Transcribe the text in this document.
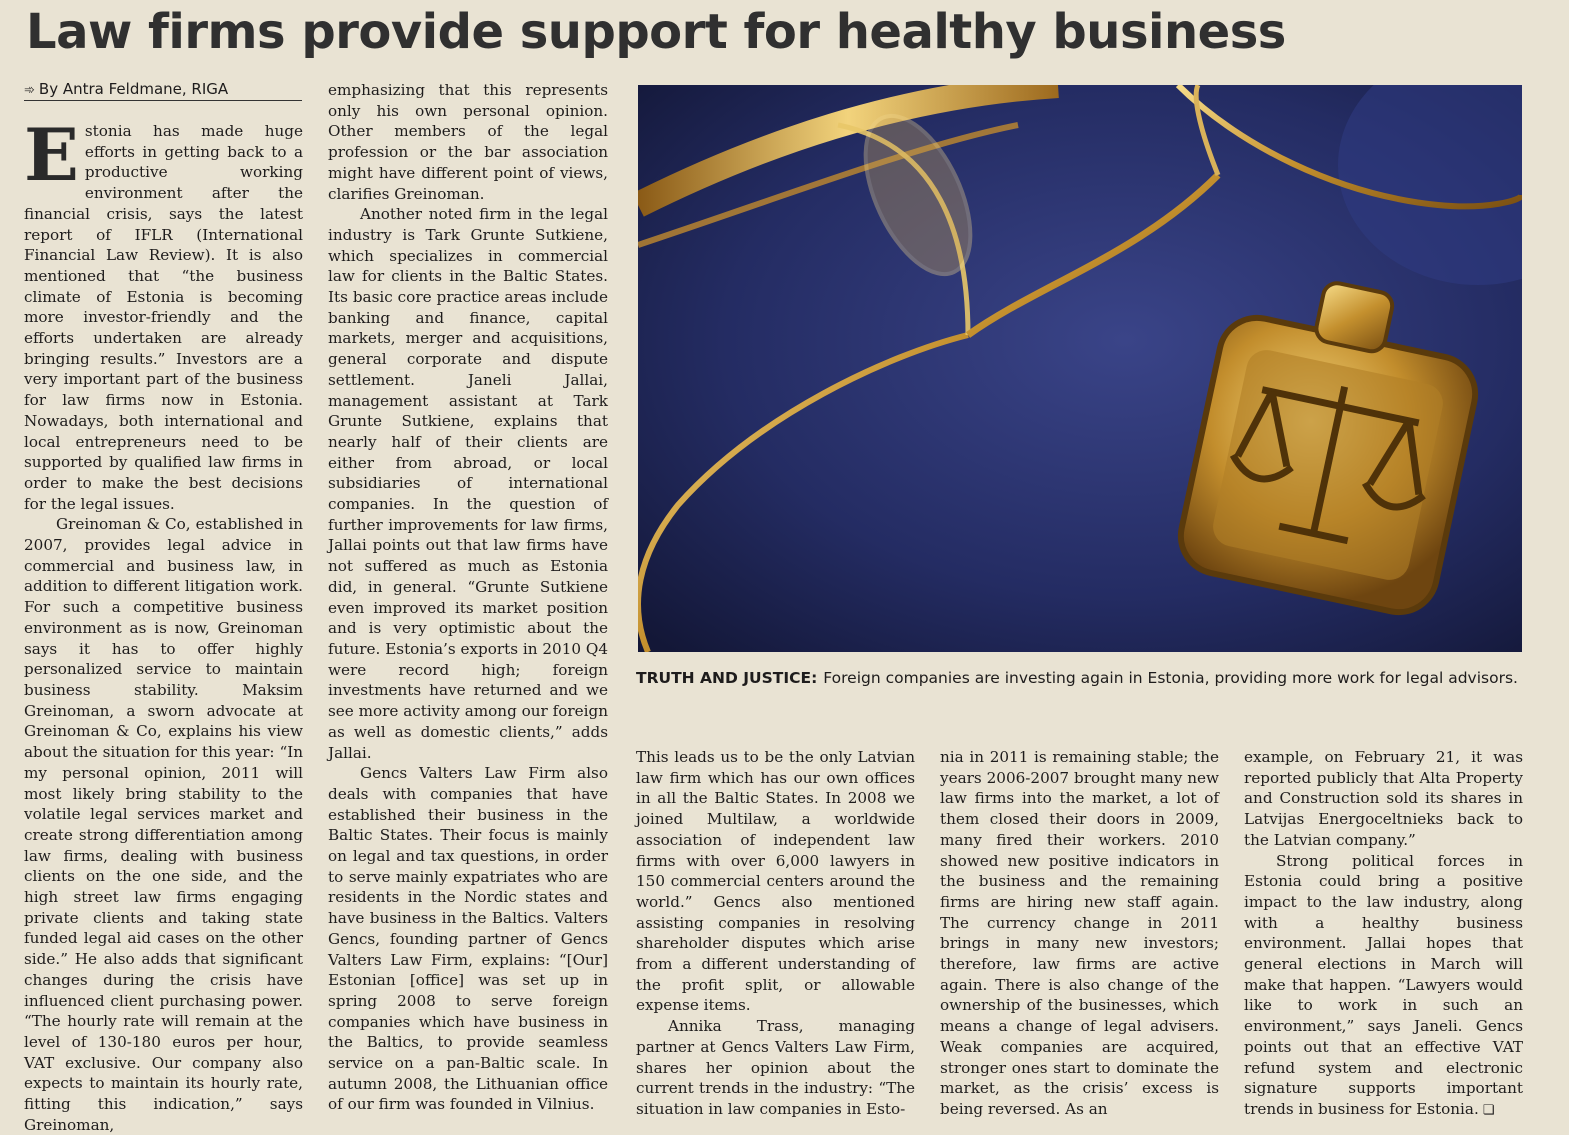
Law firms provide support for healthy business
➾ By Antra Feldmane, RIGA

Estonia has made huge efforts in getting back to a productive working environment after the financial crisis, says the latest report of IFLR (International Financial Law Review). It is also mentioned that “the business climate of Estonia is becoming more investor-friendly and the efforts undertaken are already bringing results.” Investors are a very important part of the business for law firms now in Estonia. Nowadays, both international and local entrepreneurs need to be supported by qualified law firms in order to make the best decisions for the legal issues.

Greinoman & Co, established in 2007, provides legal advice in commercial and business law, in addition to different litigation work. For such a competitive business environment as is now, Greinoman says it has to offer highly personalized service to maintain business stability. Maksim Greinoman, a sworn advocate at Greinoman & Co, explains his view about the situation for this year: “In my personal opinion, 2011 will most likely bring stability to the volatile legal services market and create strong differentiation among law firms, dealing with business clients on the one side, and the high street law firms engaging private clients and taking state funded legal aid cases on the other side.” He also adds that significant changes during the crisis have influenced client purchasing power. “The hourly rate will remain at the level of 130-180 euros per hour, VAT exclusive. Our company also expects to maintain its hourly rate, fitting this indication,” says Greinoman,

emphasizing that this represents only his own personal opinion. Other members of the legal profession or the bar association might have different point of views, clarifies Greinoman.

Another noted firm in the legal industry is Tark Grunte Sutkiene, which specializes in commercial law for clients in the Baltic States. Its basic core practice areas include banking and finance, capital markets, merger and acquisitions, general corporate and dispute settlement. Janeli Jallai, management assistant at Tark Grunte Sutkiene, explains that nearly half of their clients are either from abroad, or local subsidiaries of international companies. In the question of further improvements for law firms, Jallai points out that law firms have not suffered as much as Estonia did, in general. “Grunte Sutkiene even improved its market position and is very optimistic about the future. Estonia’s exports in 2010 Q4 were record high; foreign investments have returned and we see more activity among our foreign as well as domestic clients,” adds Jallai.

Gencs Valters Law Firm also deals with companies that have established their business in the Baltic States. Their focus is mainly on legal and tax questions, in order to serve mainly expatriates who are residents in the Nordic states and have business in the Baltics. Valters Gencs, founding partner of Gencs Valters Law Firm, explains: “[Our] Estonian [office] was set up in spring 2008 to serve foreign companies which have business in the Baltics, to provide seamless service on a pan-Baltic scale. In autumn 2008, the Lithuanian office of our firm was founded in Vilnius.

TRUTH AND JUSTICE: Foreign companies are investing again in Estonia, providing more work for legal advisors.

This leads us to be the only Latvian law firm which has our own offices in all the Baltic States. In 2008 we joined Multilaw, a worldwide association of independent law firms with over 6,000 lawyers in 150 commercial centers around the world.” Gencs also mentioned assisting companies in resolving shareholder disputes which arise from a different understanding of the profit split, or allowable expense items.

Annika Trass, managing partner at Gencs Valters Law Firm, shares her opinion about the current trends in the industry: “The situation in law companies in Esto-

nia in 2011 is remaining stable; the years 2006-2007 brought many new law firms into the market, a lot of them closed their doors in 2009, many fired their workers. 2010 showed new positive indicators in the business and the remaining firms are hiring new staff again. The currency change in 2011 brings in many new investors; therefore, law firms are active again. There is also change of the ownership of the businesses, which means a change of legal advisers. Weak companies are acquired, stronger ones start to dominate the market, as the crisis’ excess is being reversed. As an

example, on February 21, it was reported publicly that Alta Property and Construction sold its shares in Latvijas Energoceltnieks back to the Latvian company.”

Strong political forces in Estonia could bring a positive impact to the law industry, along with a healthy business environment. Jallai hopes that general elections in March will make that happen. “Lawyers would like to work in such an environment,” says Janeli. Gencs points out that an effective VAT refund system and electronic signature supports important trends in business for Estonia. ❏
